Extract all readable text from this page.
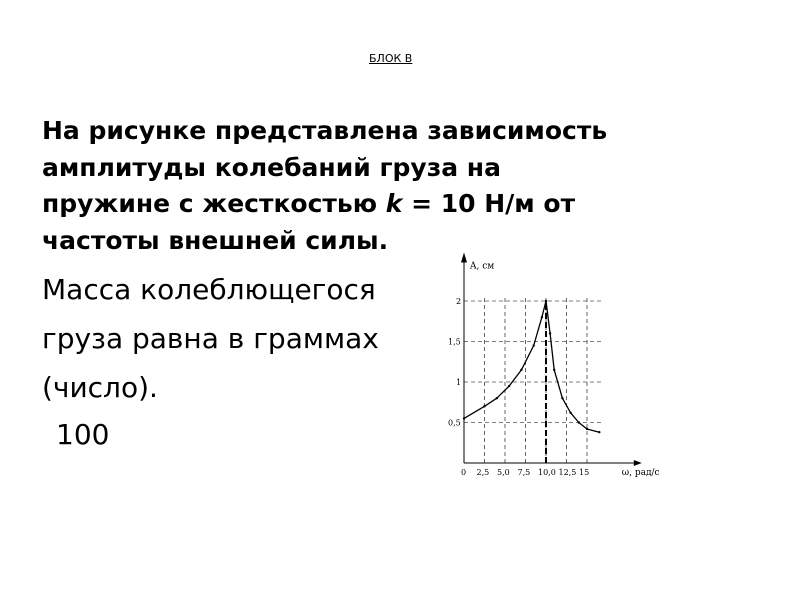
БЛОК В
На рисунке представлена зависимость
амплитуды колебаний груза на
пружине с жесткостью k = 10 Н/м от
частоты внешней силы.
Масса колеблющегося
груза равна в граммах
(число).
100
0 2,5 5,0 7,5 10,0 12,5 15
0,5
1
1,5
2
A, см
ω, рад/с
